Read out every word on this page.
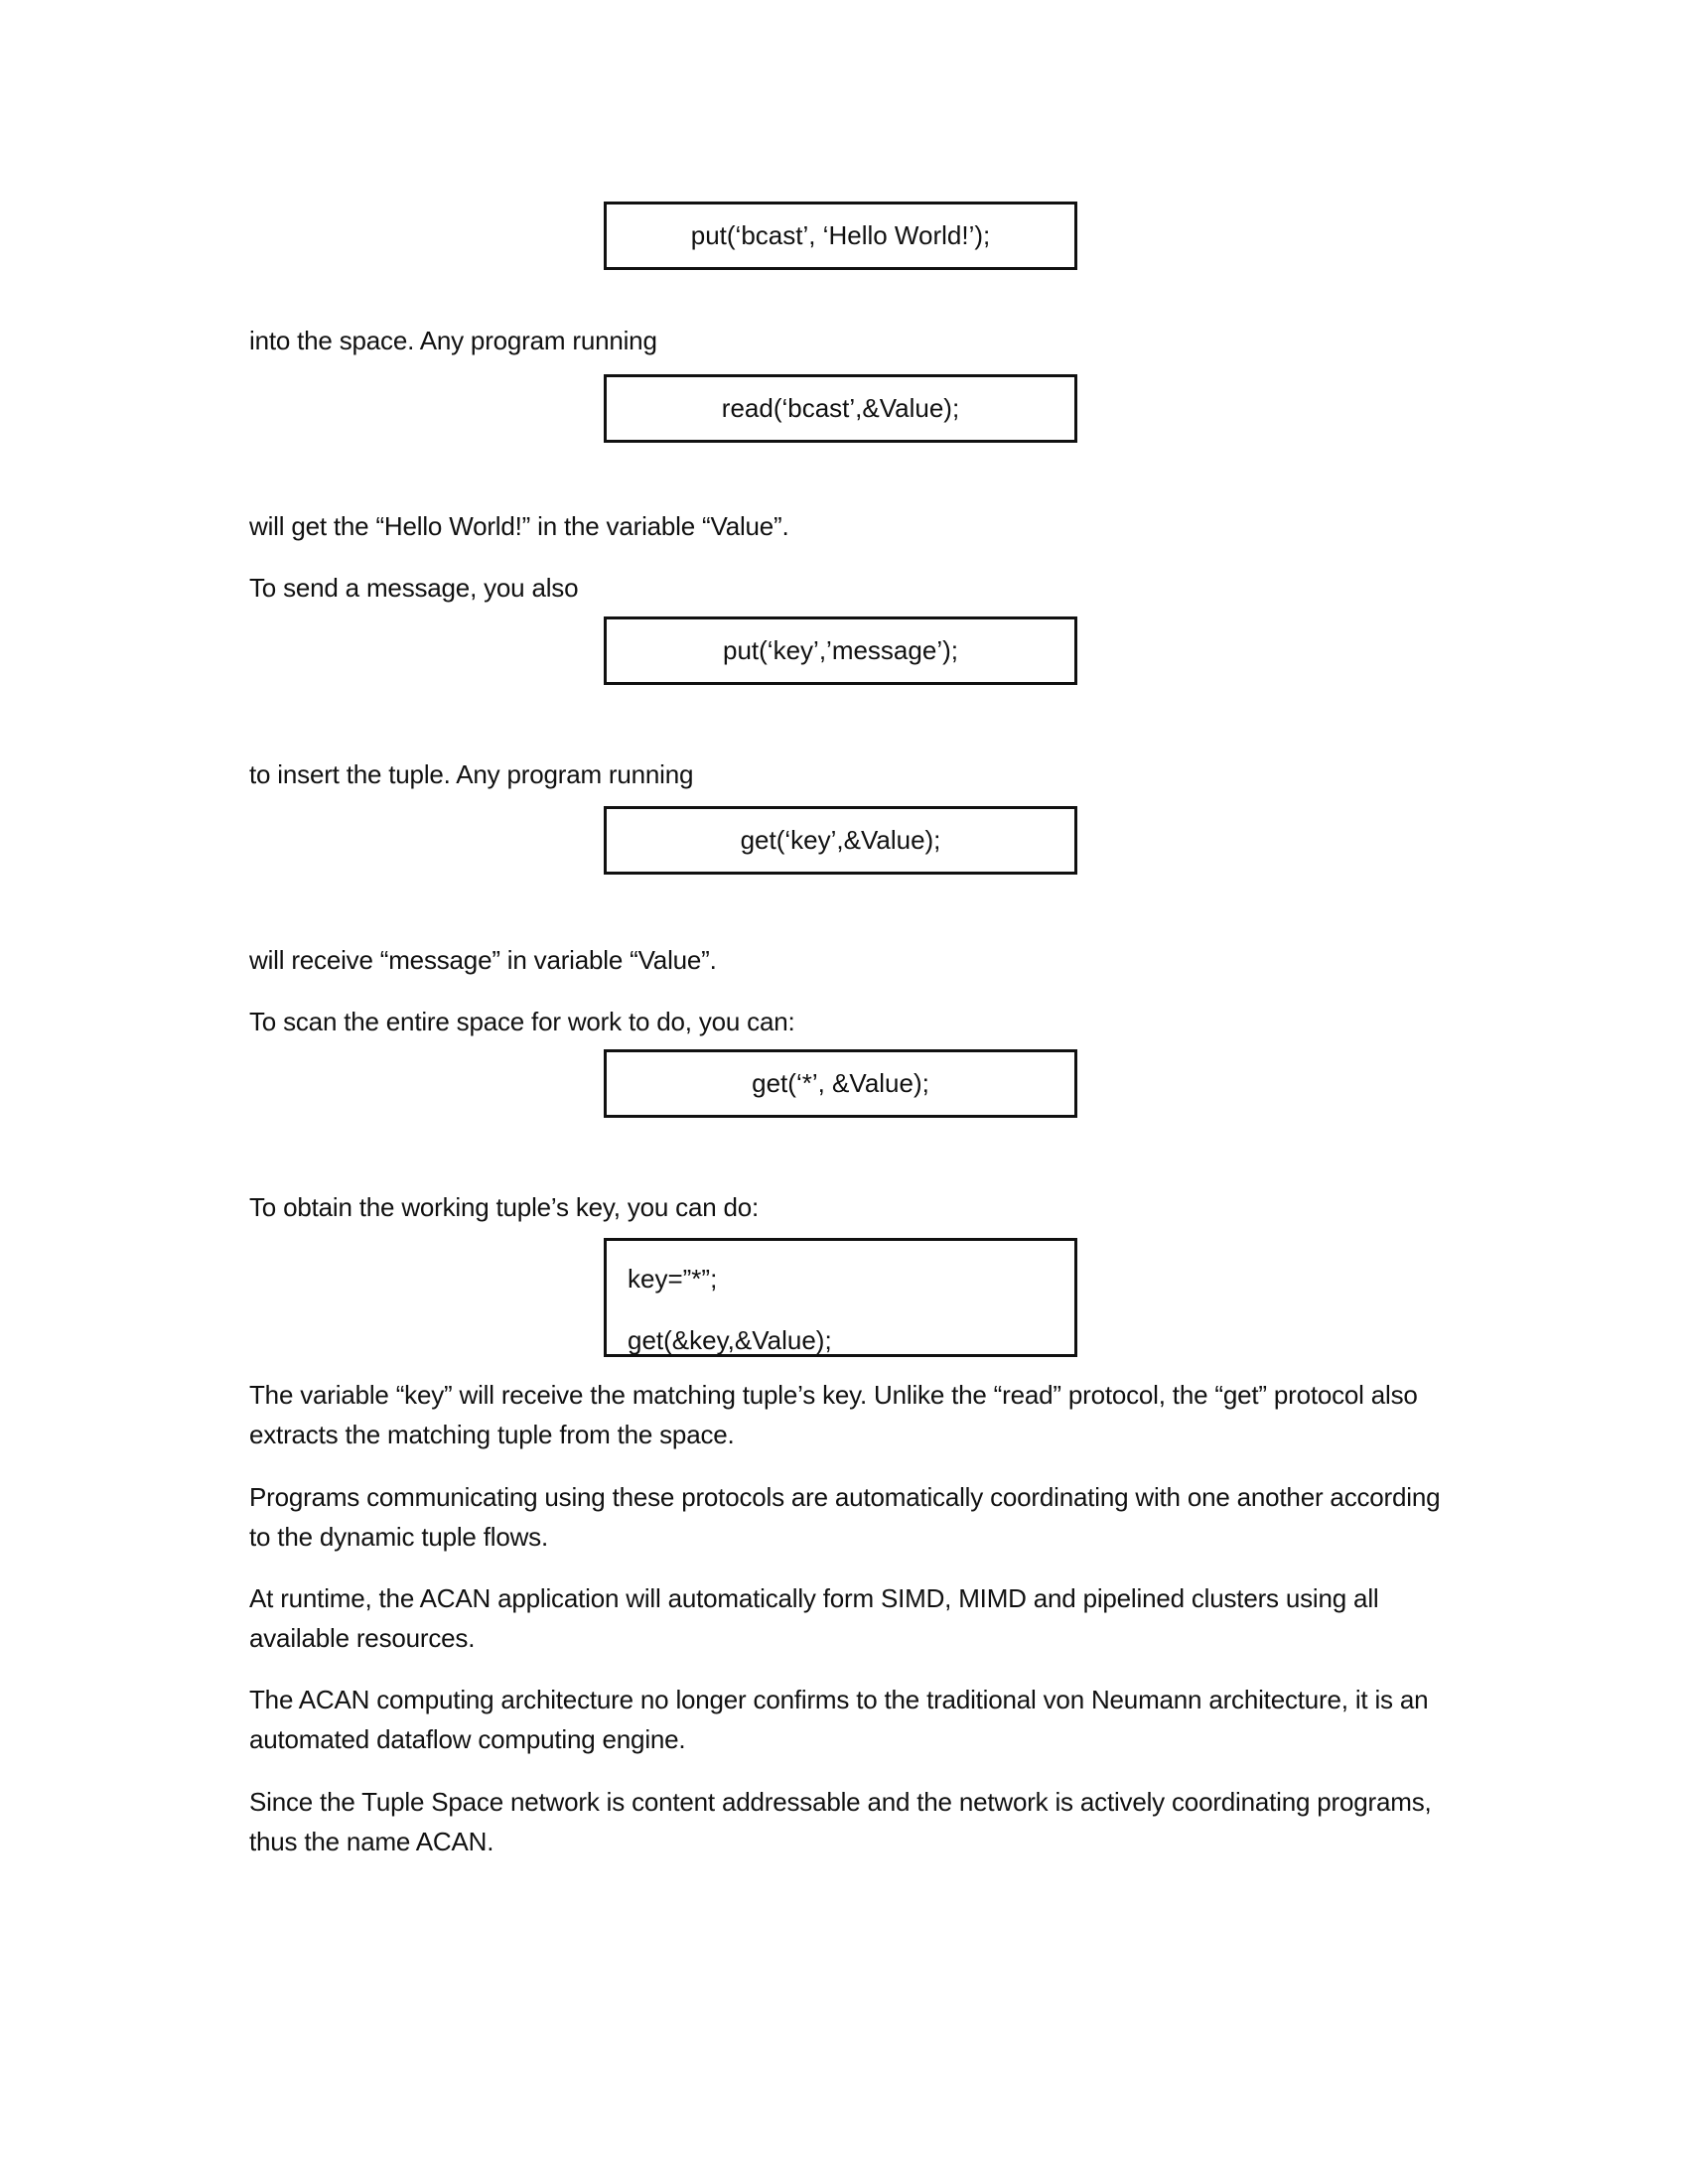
put(‘bcast’, ‘Hello World!’);
into the space. Any program running
read(‘bcast’,&Value);
will get the “Hello World!” in the variable “Value”.
To send a message, you also
put(‘key’,’message’);
to insert the tuple. Any program running
get(‘key’,&Value);
will receive “message” in variable “Value”.
To scan the entire space for work to do, you can:
get(‘*’, &Value);
To obtain the working tuple’s key, you can do:
key=”*”;
get(&key,&Value);
The variable “key” will receive the matching tuple’s key. Unlike the “read” protocol, the “get” protocol also extracts the matching tuple from the space.
Programs communicating using these protocols are automatically coordinating with one another according to the dynamic tuple flows.
At runtime, the ACAN application will automatically form SIMD, MIMD and pipelined clusters using all available resources.
The ACAN computing architecture no longer confirms to the traditional von Neumann architecture, it is an automated dataflow computing engine.
Since the Tuple Space network is content addressable and the network is actively coordinating programs, thus the name ACAN.
